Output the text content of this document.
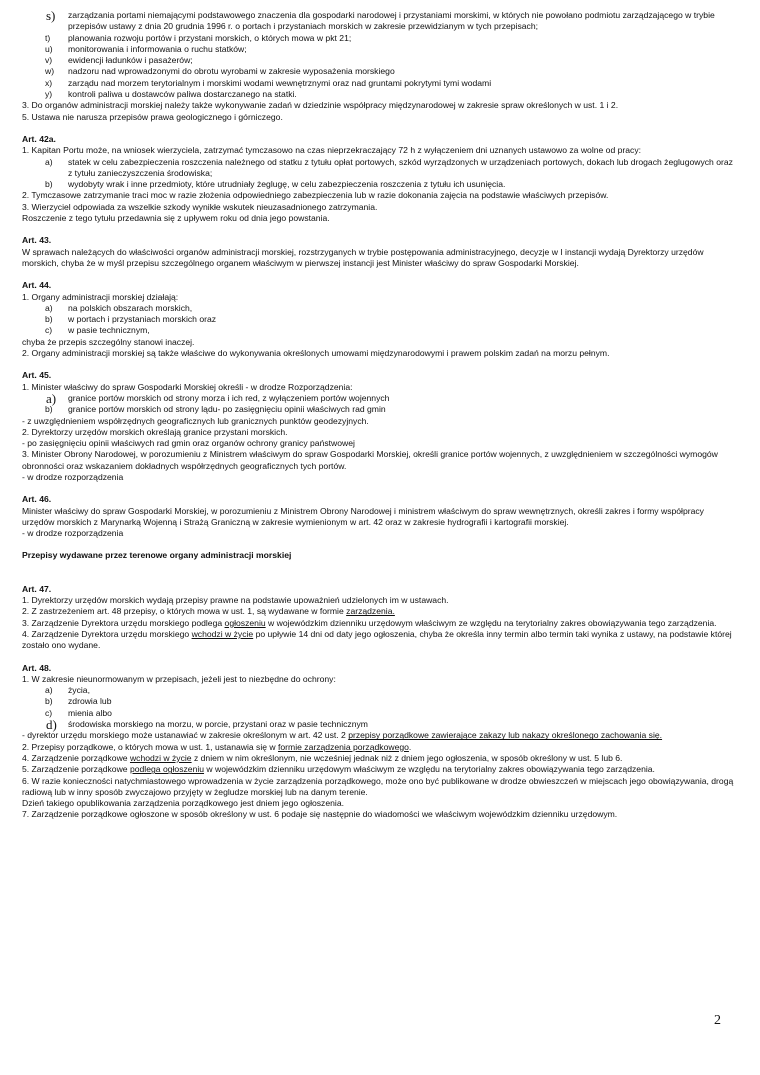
s) zarządzania portami niemającymi podstawowego znaczenia dla gospodarki narodowej i przystaniami morskimi, w których nie powołano podmiotu zarządzającego w trybie przepisów ustawy z dnia 20 grudnia 1996 r. o portach i przystaniach morskich w zakresie przewidzianym w tych przepisach;
t) planowania rozwoju portów i przystani morskich, o których mowa w pkt 21;
u) monitorowania i informowania o ruchu statków;
v) ewidencji ładunków i pasażerów;
w) nadzoru nad wprowadzonymi do obrotu wyrobami w zakresie wyposażenia morskiego
x) zarządu nad morzem terytorialnym i morskimi wodami wewnętrznymi oraz nad gruntami pokrytymi tymi wodami
y) kontroli paliwa u dostawców paliwa dostarczanego na statki.
3. Do organów administracji morskiej należy także wykonywanie zadań w dziedzinie współpracy międzynarodowej w zakresie spraw określonych w ust. 1 i 2.
5. Ustawa nie narusza przepisów prawa geologicznego i górniczego.
Art. 42a.
1. Kapitan Portu może, na wniosek wierzyciela, zatrzymać tymczasowo na czas nieprzekraczający 72 h z wyłączeniem dni uznanych ustawowo za wolne od pracy:
a) statek w celu zabezpieczenia roszczenia należnego od statku z tytułu opłat portowych, szkód wyrządzonych w urządzeniach portowych, dokach lub drogach żeglugowych oraz z tytułu zanieczyszczenia środowiska;
b) wydobyty wrak i inne przedmioty, które utrudniały żeglugę, w celu zabezpieczenia roszczenia z tytułu ich usunięcia.
2. Tymczasowe zatrzymanie traci moc w razie złożenia odpowiedniego zabezpieczenia lub w razie dokonania zajęcia na podstawie właściwych przepisów.
3. Wierzyciel odpowiada za wszelkie szkody wynikłe wskutek nieuzasadnionego zatrzymania.
Roszczenie z tego tytułu przedawnia się z upływem roku od dnia jego powstania.
Art. 43.
W sprawach należących do właściwości organów administracji morskiej, rozstrzyganych w trybie postępowania administracyjnego, decyzje w I instancji wydają Dyrektorzy urzędów morskich, chyba że w myśl przepisu szczególnego organem właściwym w pierwszej instancji jest Minister właściwy do spraw Gospodarki Morskiej.
Art. 44.
1. Organy administracji morskiej działają:
a) na polskich obszarach morskich,
b) w portach i przystaniach morskich oraz
c) w pasie technicznym,
chyba że przepis szczególny stanowi inaczej.
2. Organy administracji morskiej są także właściwe do wykonywania określonych umowami międzynarodowymi i prawem polskim zadań na morzu pełnym.
Art. 45.
1. Minister właściwy do spraw Gospodarki Morskiej określi - w drodze Rozporządzenia:
a) granice portów morskich od strony morza i ich red, z wyłączeniem portów wojennych
b) granice portów morskich od strony lądu- po zasięgnięciu opinii właściwych rad gmin
- z uwzględnieniem współrzędnych geograficznych lub granicznych punktów geodezyjnych.
2. Dyrektorzy urzędów morskich określają granice przystani morskich.
- po zasięgnięciu opinii właściwych rad gmin oraz organów ochrony granicy państwowej
3. Minister Obrony Narodowej, w porozumieniu z Ministrem właściwym do spraw Gospodarki Morskiej, określi granice portów wojennych, z uwzględnieniem w szczególności wymogów obronności oraz wskazaniem dokładnych współrzędnych geograficznych tych portów.
- w drodze rozporządzenia
Art. 46.
Minister właściwy do spraw Gospodarki Morskiej, w porozumieniu z Ministrem Obrony Narodowej i ministrem właściwym do spraw wewnętrznych, określi zakres i formy współpracy urzędów morskich z Marynarką Wojenną i Strażą Graniczną w zakresie wymienionym w art. 42 oraz w zakresie hydrografii i kartografii morskiej.
- w drodze rozporządzenia
Przepisy wydawane przez terenowe organy administracji morskiej
Art. 47.
1. Dyrektorzy urzędów morskich wydają przepisy prawne na podstawie upoważnień udzielonych im w ustawach.
2. Z zastrzeżeniem art. 48 przepisy, o których mowa w ust. 1, są wydawane w formie zarządzenia.
3. Zarządzenie Dyrektora urzędu morskiego podlega ogłoszeniu w wojewódzkim dzienniku urzędowym właściwym ze względu na terytorialny zakres obowiązywania tego zarządzenia.
4. Zarządzenie Dyrektora urzędu morskiego wchodzi w życie po upływie 14 dni od daty jego ogłoszenia, chyba że określa inny termin albo termin taki wynika z ustawy, na podstawie której zostało ono wydane.
Art. 48.
1. W zakresie nieunormowanym w przepisach, jeżeli jest to niezbędne do ochrony:
a) życia,
b) zdrowia lub
c) mienia albo
d) środowiska morskiego na morzu, w porcie, przystani oraz w pasie technicznym
- dyrektor urzędu morskiego może ustanawiać w zakresie określonym w art. 42 ust. 2 przepisy porządkowe zawierające zakazy lub nakazy określonego zachowania się.
2. Przepisy porządkowe, o których mowa w ust. 1, ustanawia się w formie zarządzenia porządkowego.
4. Zarządzenie porządkowe wchodzi w życie z dniem w nim określonym, nie wcześniej jednak niż z dniem jego ogłoszenia, w sposób określony w ust. 5 lub 6.
5. Zarządzenie porządkowe podlega ogłoszeniu w wojewódzkim dzienniku urzędowym właściwym ze względu na terytorialny zakres obowiązywania tego zarządzenia.
6. W razie konieczności natychmiastowego wprowadzenia w życie zarządzenia porządkowego, może ono być publikowane w drodze obwieszczeń w miejscach jego obowiązywania, drogą radiową lub w inny sposób zwyczajowo przyjęty w żegludze morskiej lub na danym terenie.
Dzień takiego opublikowania zarządzenia porządkowego jest dniem jego ogłoszenia.
7. Zarządzenie porządkowe ogłoszone w sposób określony w ust. 6 podaje się następnie do wiadomości we właściwym wojewódzkim dzienniku urzędowym.
2
